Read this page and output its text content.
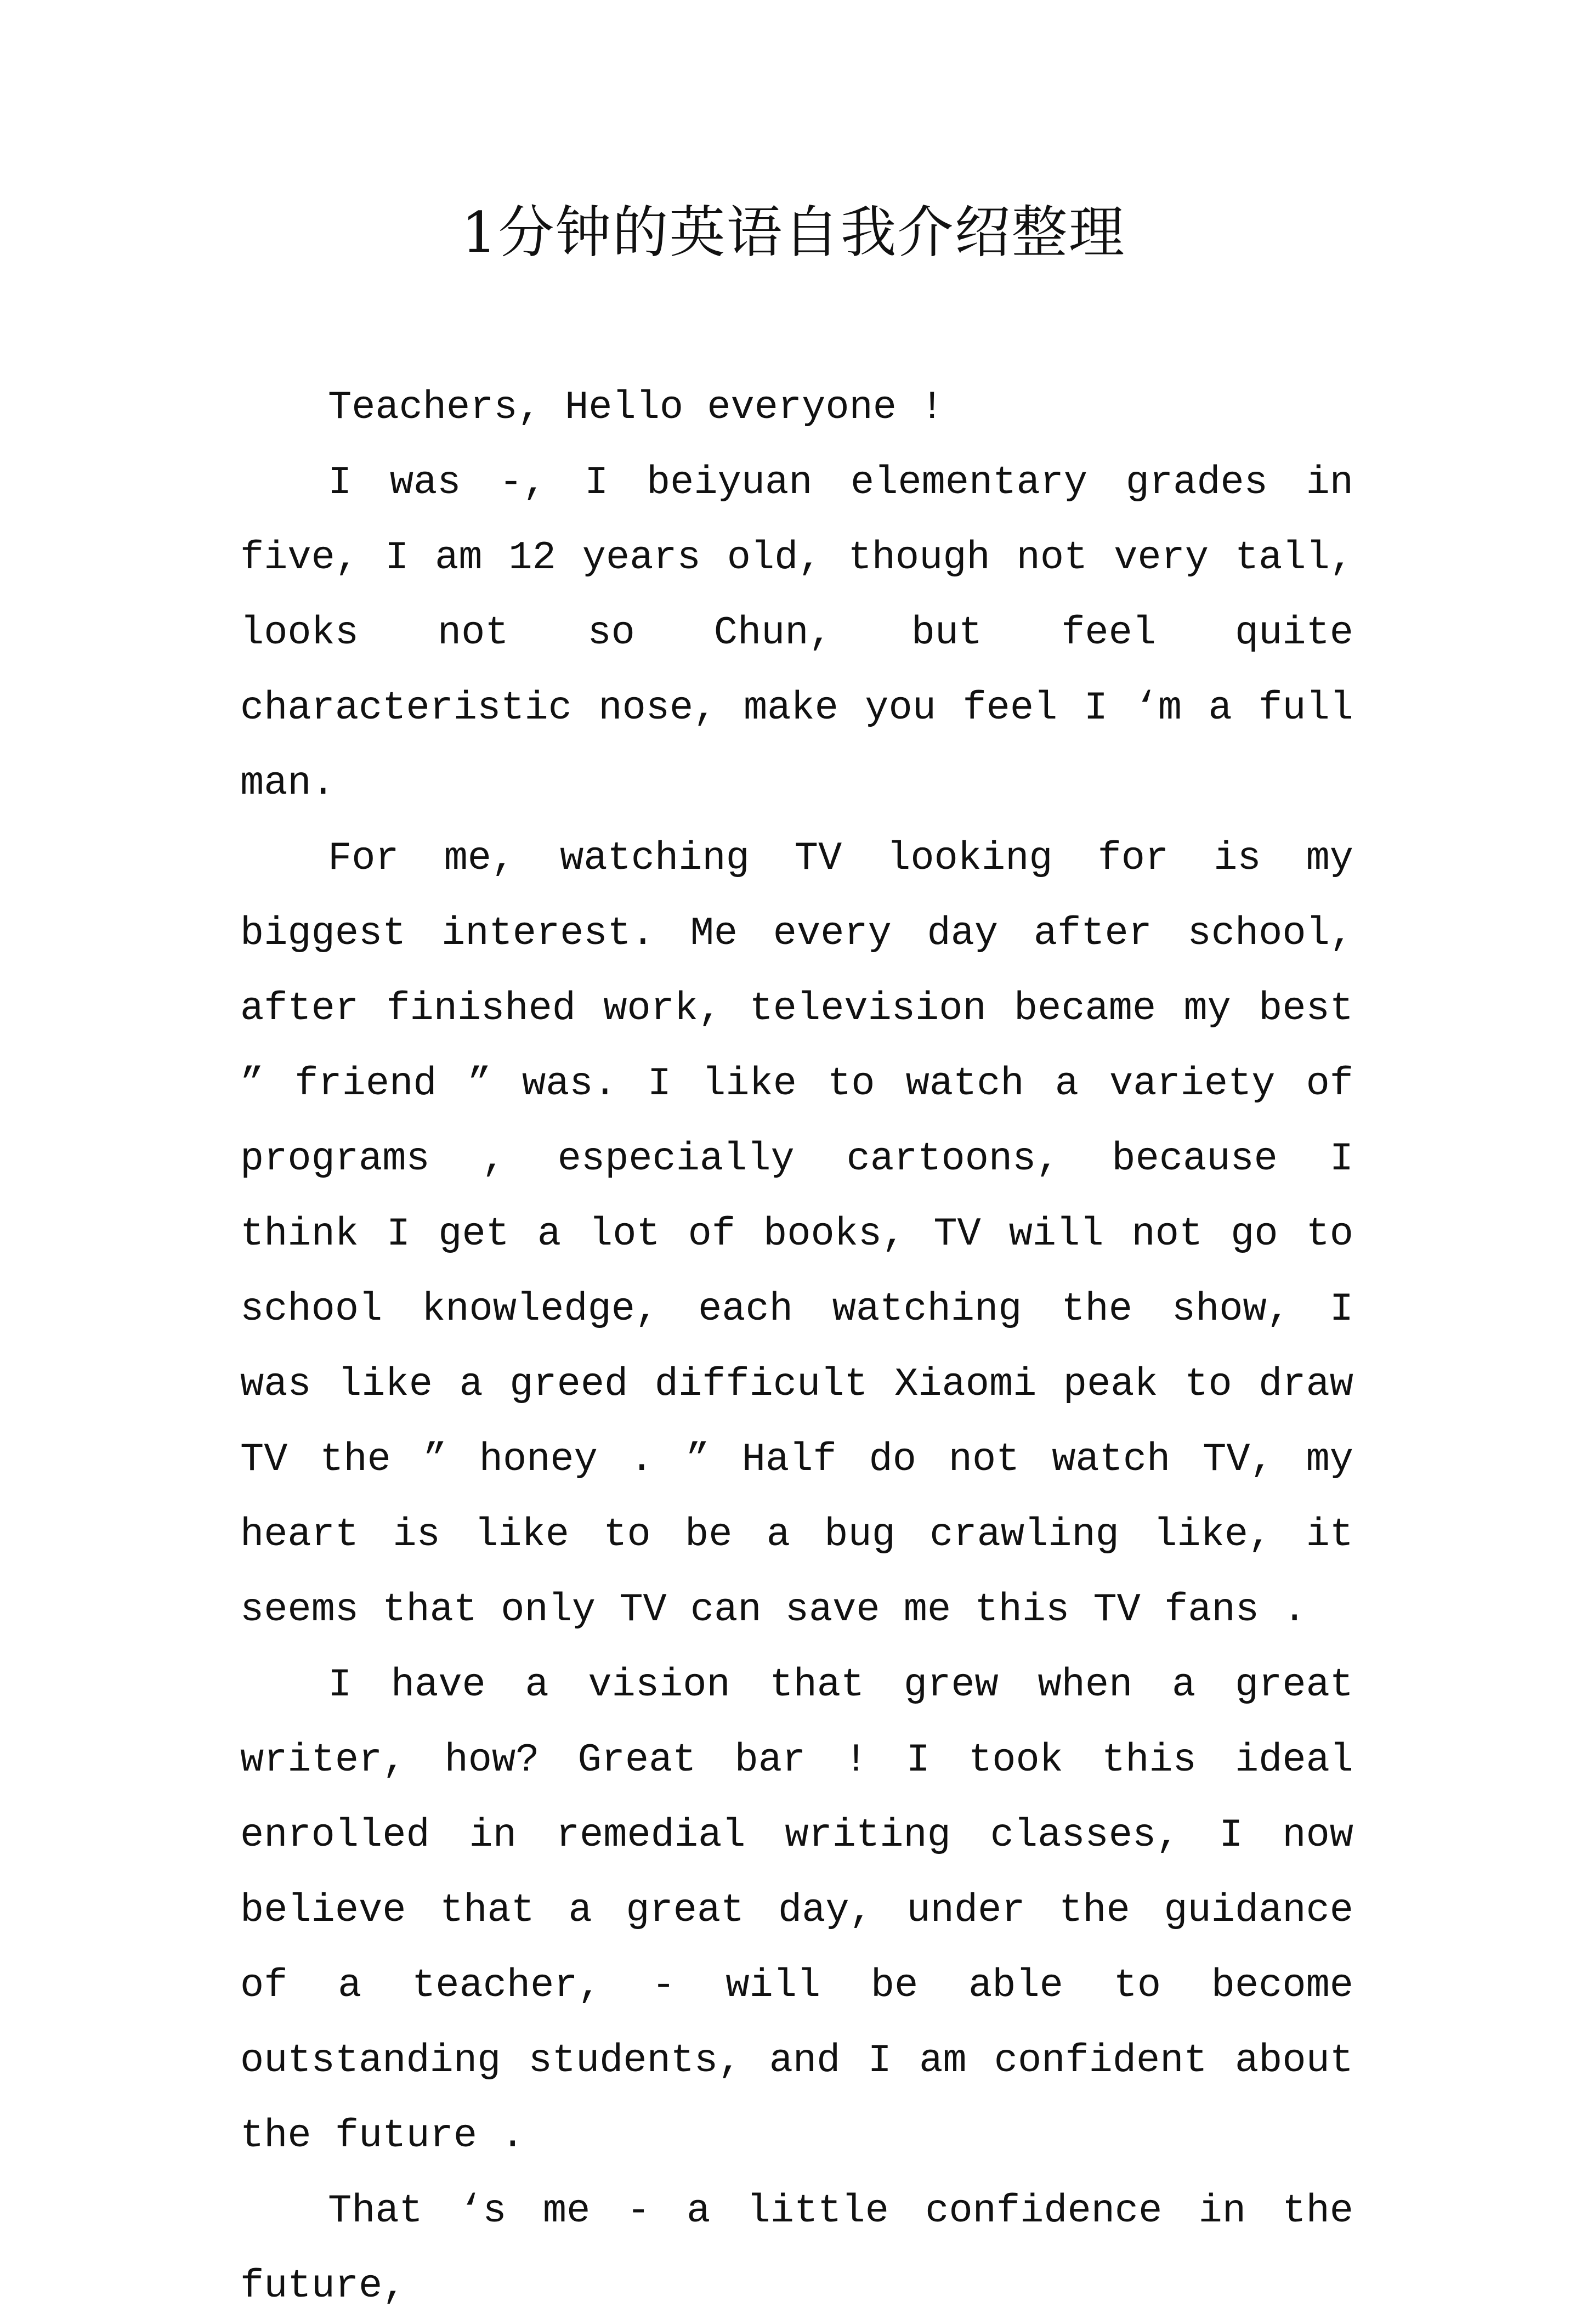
1分钟的英语自我介绍整理

Teachers, Hello everyone !

I was -, I beiyuan elementary grades in five, I am 12 years old, though not very tall, looks not so Chun, but feel quite characteristic nose, make you feel I ‘m a full man.

For me, watching TV looking for is my biggest interest. Me every day after school, after finished work, television became my best ” friend ” was. I like to watch a variety of programs , especially cartoons, because I think I get a lot of books, TV will not go to school knowledge, each watching the show, I was like a greed difficult Xiaomi peak to draw TV the ” honey . ” Half do not watch TV, my heart is like to be a bug crawling like, it seems that only TV can save me this TV fans .

I have a vision that grew when a great writer, how? Great bar ! I took this ideal enrolled in remedial writing classes, I now believe that a great day, under the guidance of a teacher, - will be able to become outstanding students, and I am confident about the future .

That ‘s me - a little confidence in the future,
